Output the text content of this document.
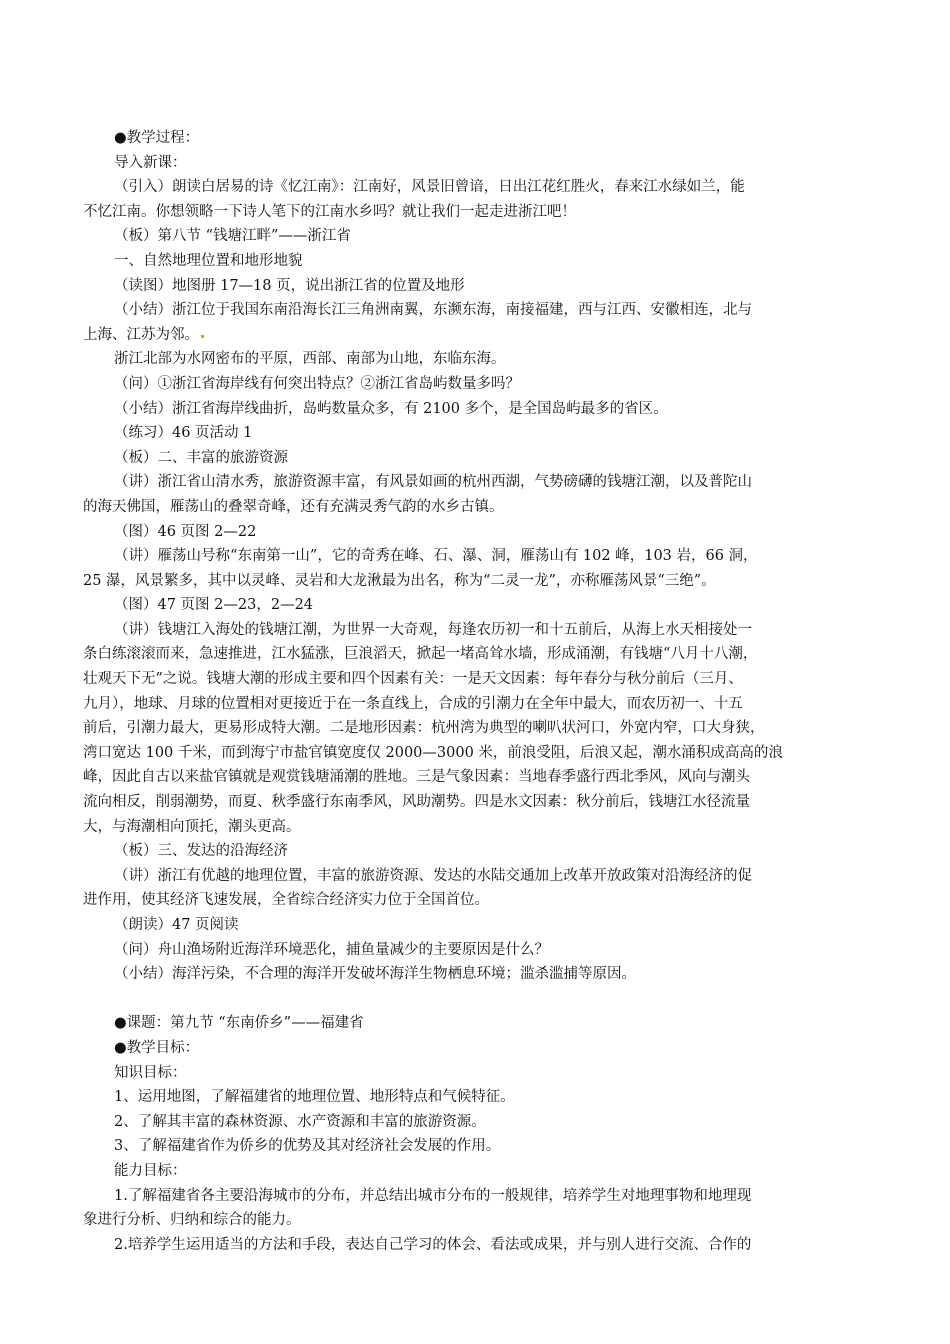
●教学过程：
导入新课：
（引入）朗读白居易的诗《忆江南》：江南好，风景旧曾谙，日出江花红胜火，春来江水绿如兰，能
不忆江南。你想领略一下诗人笔下的江南水乡吗？就让我们一起走进浙江吧！
（板）第八节 “钱塘江畔”——浙江省
一、自然地理位置和地形地貌
（读图）地图册 17—18 页，说出浙江省的位置及地形
（小结）浙江位于我国东南沿海长江三角洲南翼，东濒东海，南接福建，西与江西、安徽相连，北与
上海、江苏为邻。
浙江北部为水网密布的平原，西部、南部为山地，东临东海。
（问）①浙江省海岸线有何突出特点？②浙江省岛屿数量多吗？
（小结）浙江省海岸线曲折，岛屿数量众多，有 2100 多个，是全国岛屿最多的省区。
（练习）46 页活动 1
（板）二、丰富的旅游资源
（讲）浙江省山清水秀，旅游资源丰富，有风景如画的杭州西湖，气势磅礴的钱塘江潮，以及普陀山
的海天佛国，雁荡山的叠翠奇峰，还有充满灵秀气韵的水乡古镇。
（图）46 页图 2—22
（讲）雁荡山号称“东南第一山”，它的奇秀在峰、石、瀑、洞，雁荡山有 102 峰，103 岩，66 洞，
25 瀑，风景繁多，其中以灵峰、灵岩和大龙湫最为出名，称为“二灵一龙”，亦称雁荡风景“三绝”。
（图）47 页图 2—23，2—24
（讲）钱塘江入海处的钱塘江潮，为世界一大奇观，每逢农历初一和十五前后，从海上水天相接处一
条白练滚滚而来，急速推进，江水猛涨，巨浪滔天，掀起一堵高耸水墙，形成涌潮，有钱塘“八月十八潮，
壮观天下无”之说。钱塘大潮的形成主要和四个因素有关：一是天文因素：每年春分与秋分前后（三月、
九月），地球、月球的位置相对更接近于在一条直线上，合成的引潮力在全年中最大，而农历初一、十五
前后，引潮力最大，更易形成特大潮。二是地形因素：杭州湾为典型的喇叭状河口，外宽内窄，口大身狭，
湾口宽达 100 千米，而到海宁市盐官镇宽度仅 2000—3000 米，前浪受阻，后浪又起，潮水涌积成高高的浪
峰，因此自古以来盐官镇就是观赏钱塘涌潮的胜地。三是气象因素：当地春季盛行西北季风，风向与潮头
流向相反，削弱潮势，而夏、秋季盛行东南季风，风助潮势。四是水文因素：秋分前后，钱塘江水径流量
大，与海潮相向顶托，潮头更高。
（板）三、发达的沿海经济
（讲）浙江有优越的地理位置，丰富的旅游资源、发达的水陆交通加上改革开放政策对沿海经济的促
进作用，使其经济飞速发展，全省综合经济实力位于全国首位。
（朗读）47 页阅读
（问）舟山渔场附近海洋环境恶化，捕鱼量减少的主要原因是什么？
（小结）海洋污染，不合理的海洋开发破坏海洋生物栖息环境；滥杀滥捕等原因。
●课题：第九节 “东南侨乡”——福建省
●教学目标：
知识目标：
1、运用地图，了解福建省的地理位置、地形特点和气候特征。
2、了解其丰富的森林资源、水产资源和丰富的旅游资源。
3、了解福建省作为侨乡的优势及其对经济社会发展的作用。
能力目标：
1.了解福建省各主要沿海城市的分布，并总结出城市分布的一般规律，培养学生对地理事物和地理现
象进行分析、归纳和综合的能力。
2.培养学生运用适当的方法和手段，表达自己学习的体会、看法或成果，并与别人进行交流、合作的
